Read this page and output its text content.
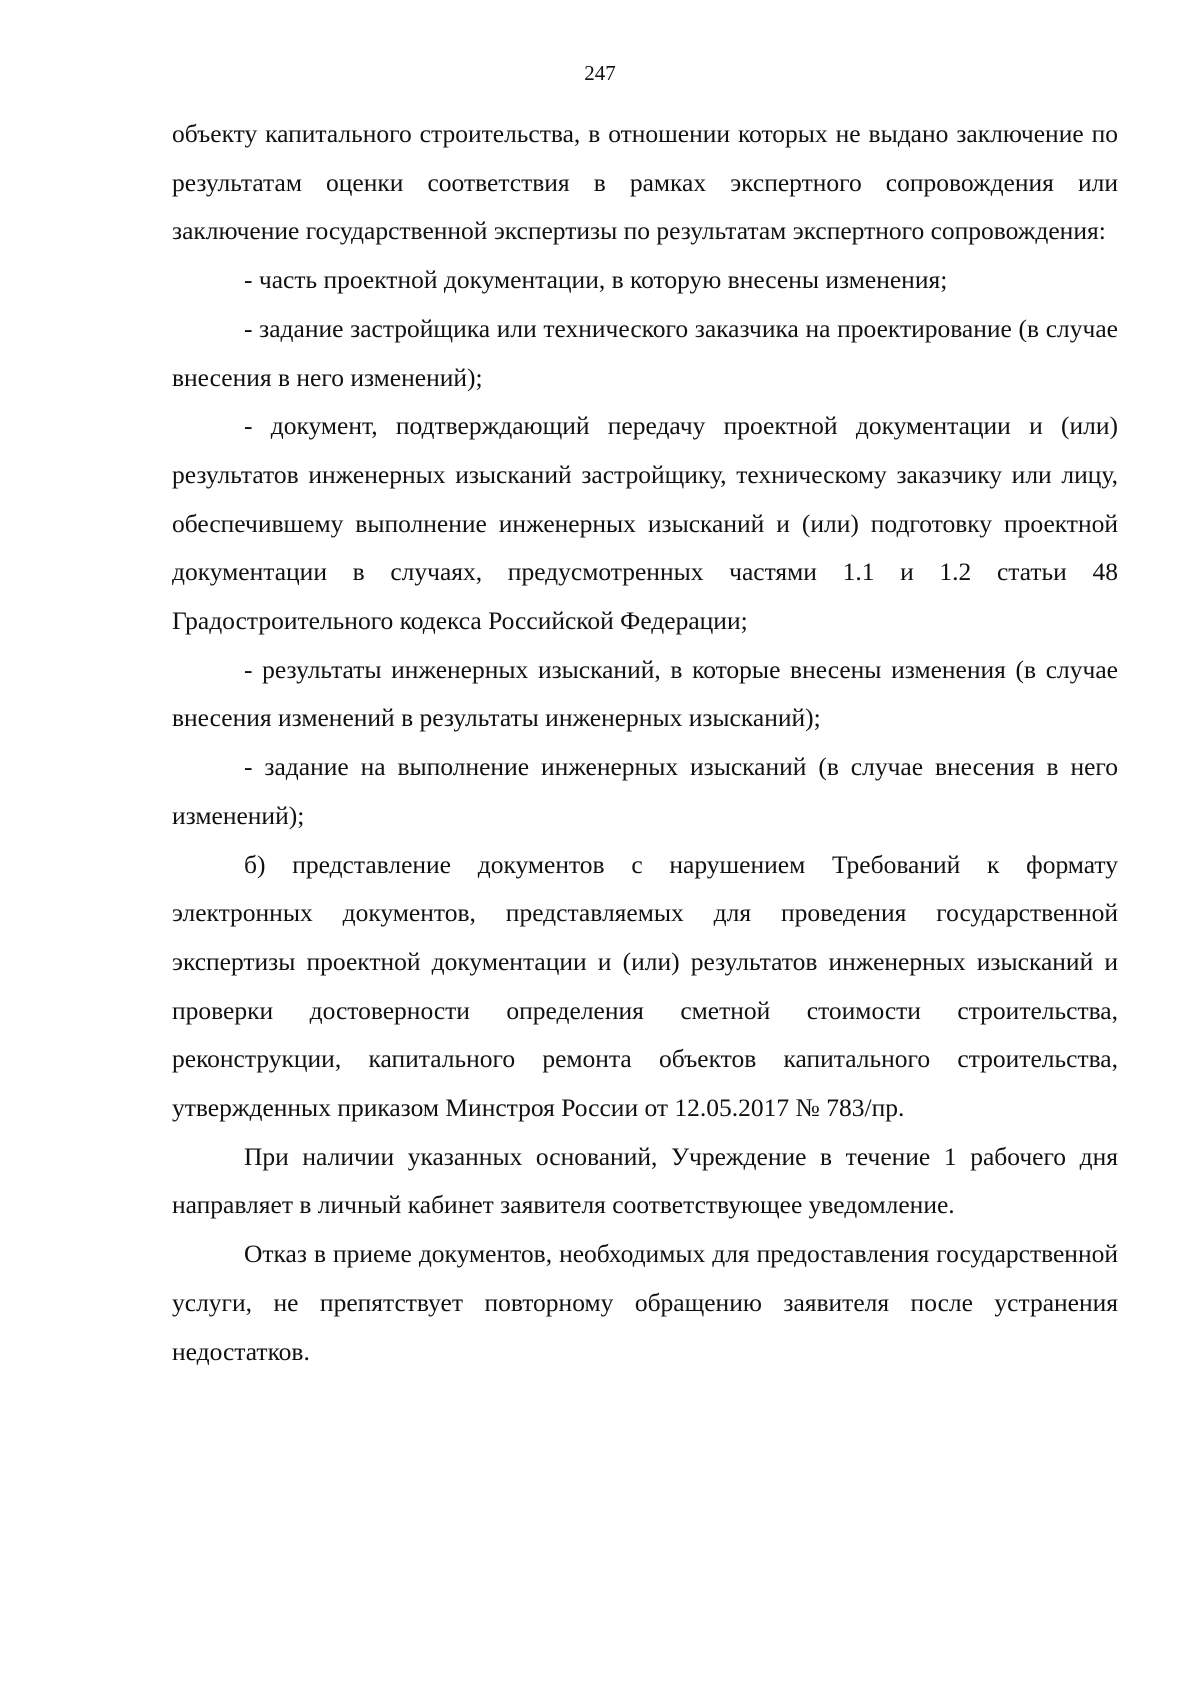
247

объекту капитального строительства, в отношении которых не выдано заключение по результатам оценки соответствия в рамках экспертного сопровождения или заключение государственной экспертизы по результатам экспертного сопровождения:

- часть проектной документации, в которую внесены изменения;

- задание застройщика или технического заказчика на проектирование (в случае внесения в него изменений);

- документ, подтверждающий передачу проектной документации и (или) результатов инженерных изысканий застройщику, техническому заказчику или лицу, обеспечившему выполнение инженерных изысканий и (или) подготовку проектной документации в случаях, предусмотренных частями 1.1 и 1.2 статьи 48 Градостроительного кодекса Российской Федерации;

- результаты инженерных изысканий, в которые внесены изменения (в случае внесения изменений в результаты инженерных изысканий);

- задание на выполнение инженерных изысканий (в случае внесения в него изменений);

б) представление документов с нарушением Требований к формату электронных документов, представляемых для проведения государственной экспертизы проектной документации и (или) результатов инженерных изысканий и проверки достоверности определения сметной стоимости строительства, реконструкции, капитального ремонта объектов капитального строительства, утвержденных приказом Минстроя России от 12.05.2017 № 783/пр.

При наличии указанных оснований, Учреждение в течение 1 рабочего дня направляет в личный кабинет заявителя соответствующее уведомление.

Отказ в приеме документов, необходимых для предоставления государственной услуги, не препятствует повторному обращению заявителя после устранения недостатков.
